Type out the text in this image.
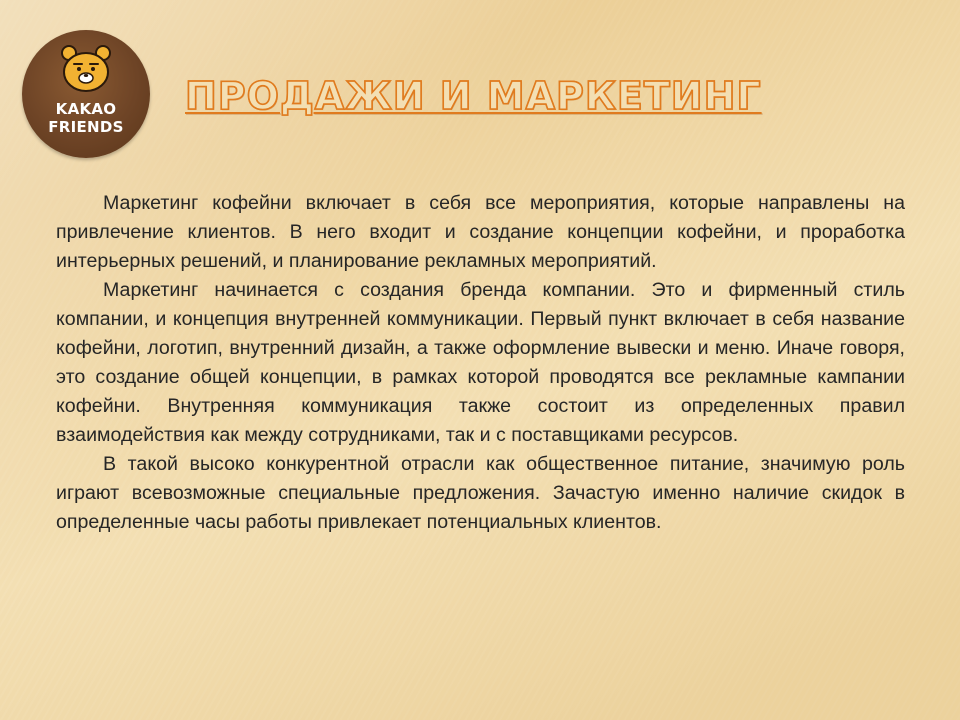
KAKAO
FRIENDS
ПРОДАЖИ И МАРКЕТИНГ

Маркетинг кофейни включает в себя все мероприятия, которые направлены на привлечение клиентов. В него входит и создание концепции кофейни, и проработка интерьерных решений, и планирование рекламных мероприятий.

Маркетинг начинается с создания бренда компании. Это и фирменный стиль компании, и концепция внутренней коммуникации. Первый пункт включает в себя название кофейни, логотип, внутренний дизайн, а также оформление вывески и меню. Иначе говоря, это создание общей концепции, в рамках которой проводятся все рекламные кампании кофейни. Внутренняя коммуникация также состоит из определенных правил взаимодействия как между сотрудниками, так и с поставщиками ресурсов.

В такой высоко конкурентной отрасли как общественное питание, значимую роль играют всевозможные специальные предложения. Зачастую именно наличие скидок в определенные часы работы привлекает потенциальных клиентов.
